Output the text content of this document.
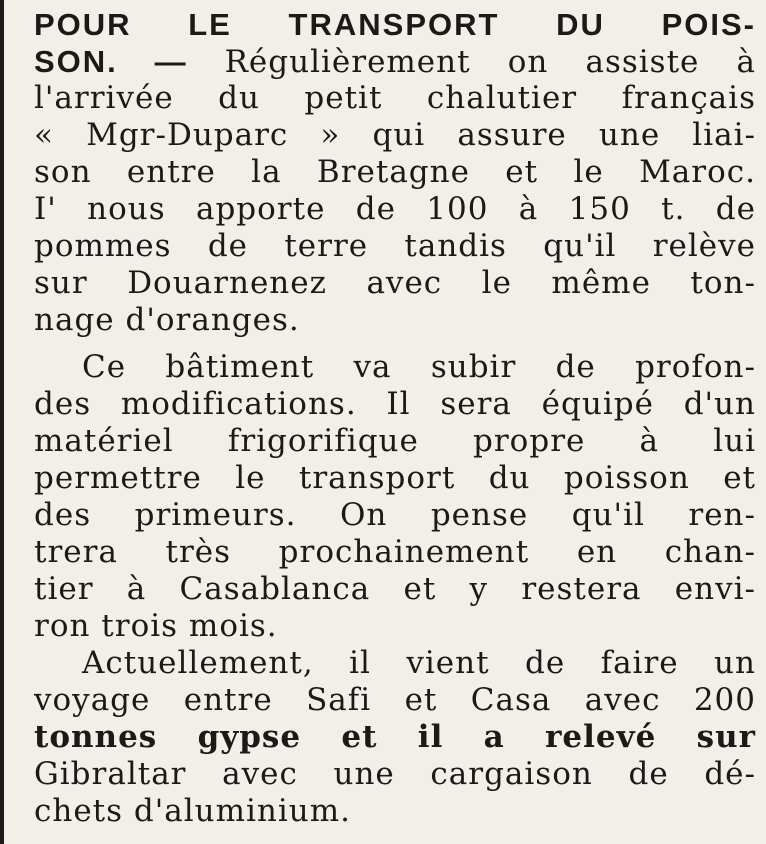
POUR LE TRANSPORT DU POIS-
SON. — Régulièrement on assiste à
l'arrivée du petit chalutier français
« Mgr-Duparc » qui assure une liai-
son entre la Bretagne et le Maroc.
I' nous apporte de 100 à 150 t. de
pommes de terre tandis qu'il relève
sur Douarnenez avec le même ton-
nage d'oranges.
Ce bâtiment va subir de profon-
des modifications. Il sera équipé d'un
matériel frigorifique propre à lui
permettre le transport du poisson et
des primeurs. On pense qu'il ren-
trera très prochainement en chan-
tier à Casablanca et y restera envi-
ron trois mois.
Actuellement, il vient de faire un
voyage entre Safi et Casa avec 200
tonnes gypse et il a relevé sur
Gibraltar avec une cargaison de dé-
chets d'aluminium.
